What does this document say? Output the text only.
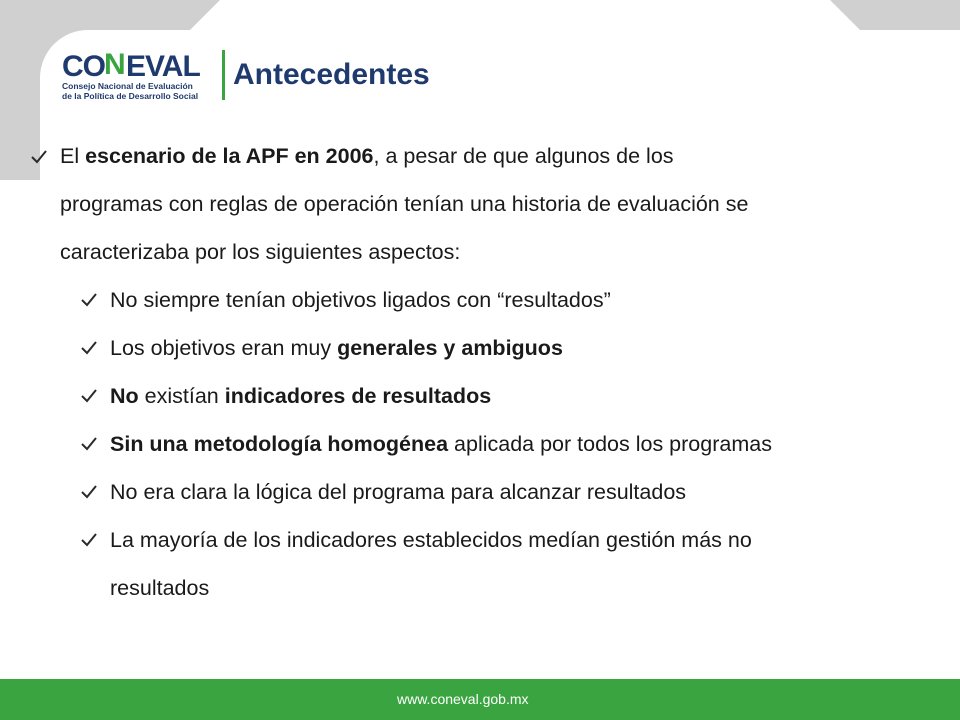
CO N EVAL
Consejo Nacional de Evaluación
de la Política de Desarrollo Social
Antecedentes
El escenario de la APF en 2006, a pesar de que algunos de los
programas con reglas de operación tenían una historia de evaluación se
caracterizaba por los siguientes aspectos:
No siempre tenían objetivos ligados con “resultados”
Los objetivos eran muy generales y ambiguos
No existían indicadores de resultados
Sin una metodología homogénea aplicada por todos los programas
No era clara la lógica del programa para alcanzar resultados
La mayoría de los indicadores establecidos medían gestión más no
resultados
www.coneval.gob.mx
